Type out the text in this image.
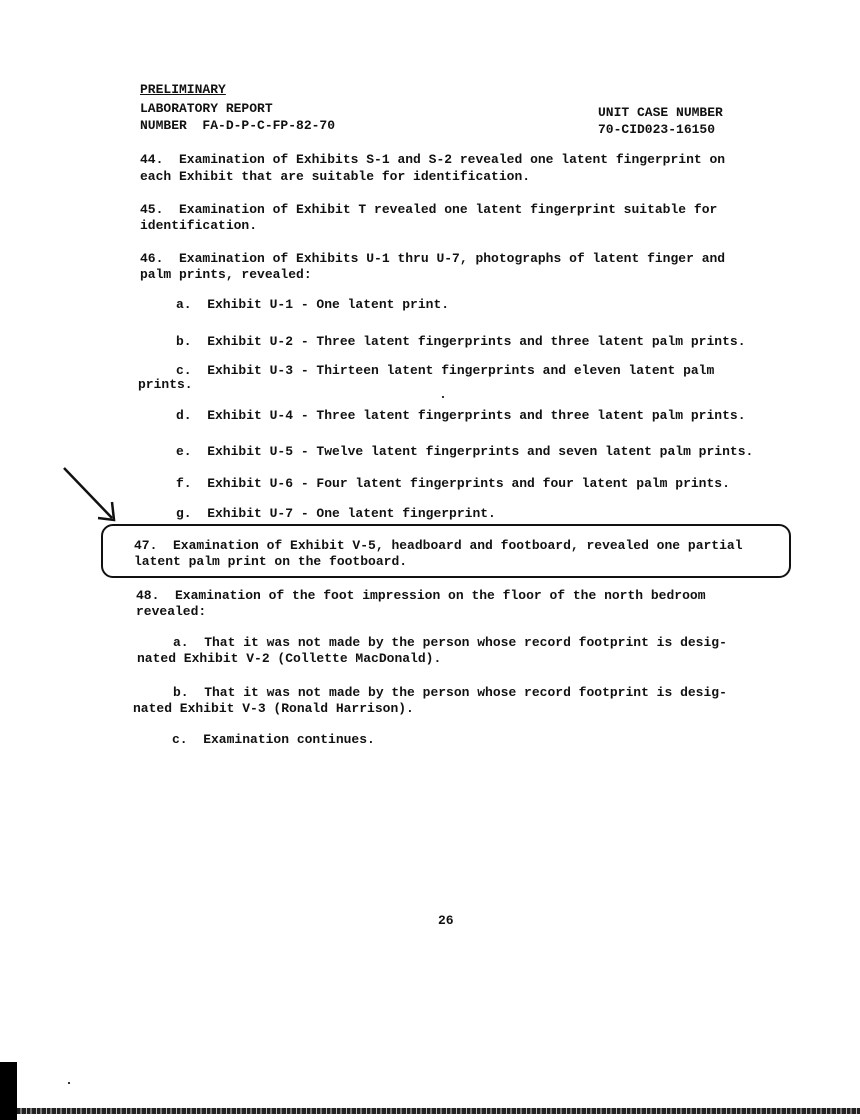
PRELIMINARY
LABORATORY REPORT
NUMBER  FA-D-P-C-FP-82-70
UNIT CASE NUMBER
70-CID023-16150
44.  Examination of Exhibits S-1 and S-2 revealed one latent fingerprint on
each Exhibit that are suitable for identification.
45.  Examination of Exhibit T revealed one latent fingerprint suitable for
identification.
46.  Examination of Exhibits U-1 thru U-7, photographs of latent finger and
palm prints, revealed:
a.  Exhibit U-1 - One latent print.
b.  Exhibit U-2 - Three latent fingerprints and three latent palm prints.
c.  Exhibit U-3 - Thirteen latent fingerprints and eleven latent palm
prints.
d.  Exhibit U-4 - Three latent fingerprints and three latent palm prints.
e.  Exhibit U-5 - Twelve latent fingerprints and seven latent palm prints.
f.  Exhibit U-6 - Four latent fingerprints and four latent palm prints.
g.  Exhibit U-7 - One latent fingerprint.
47.  Examination of Exhibit V-5, headboard and footboard, revealed one partial
latent palm print on the footboard.
48.  Examination of the foot impression on the floor of the north bedroom
revealed:
a.  That it was not made by the person whose record footprint is desig-
nated Exhibit V-2 (Collette MacDonald).
b.  That it was not made by the person whose record footprint is desig-
nated Exhibit V-3 (Ronald Harrison).
c.  Examination continues.
26
